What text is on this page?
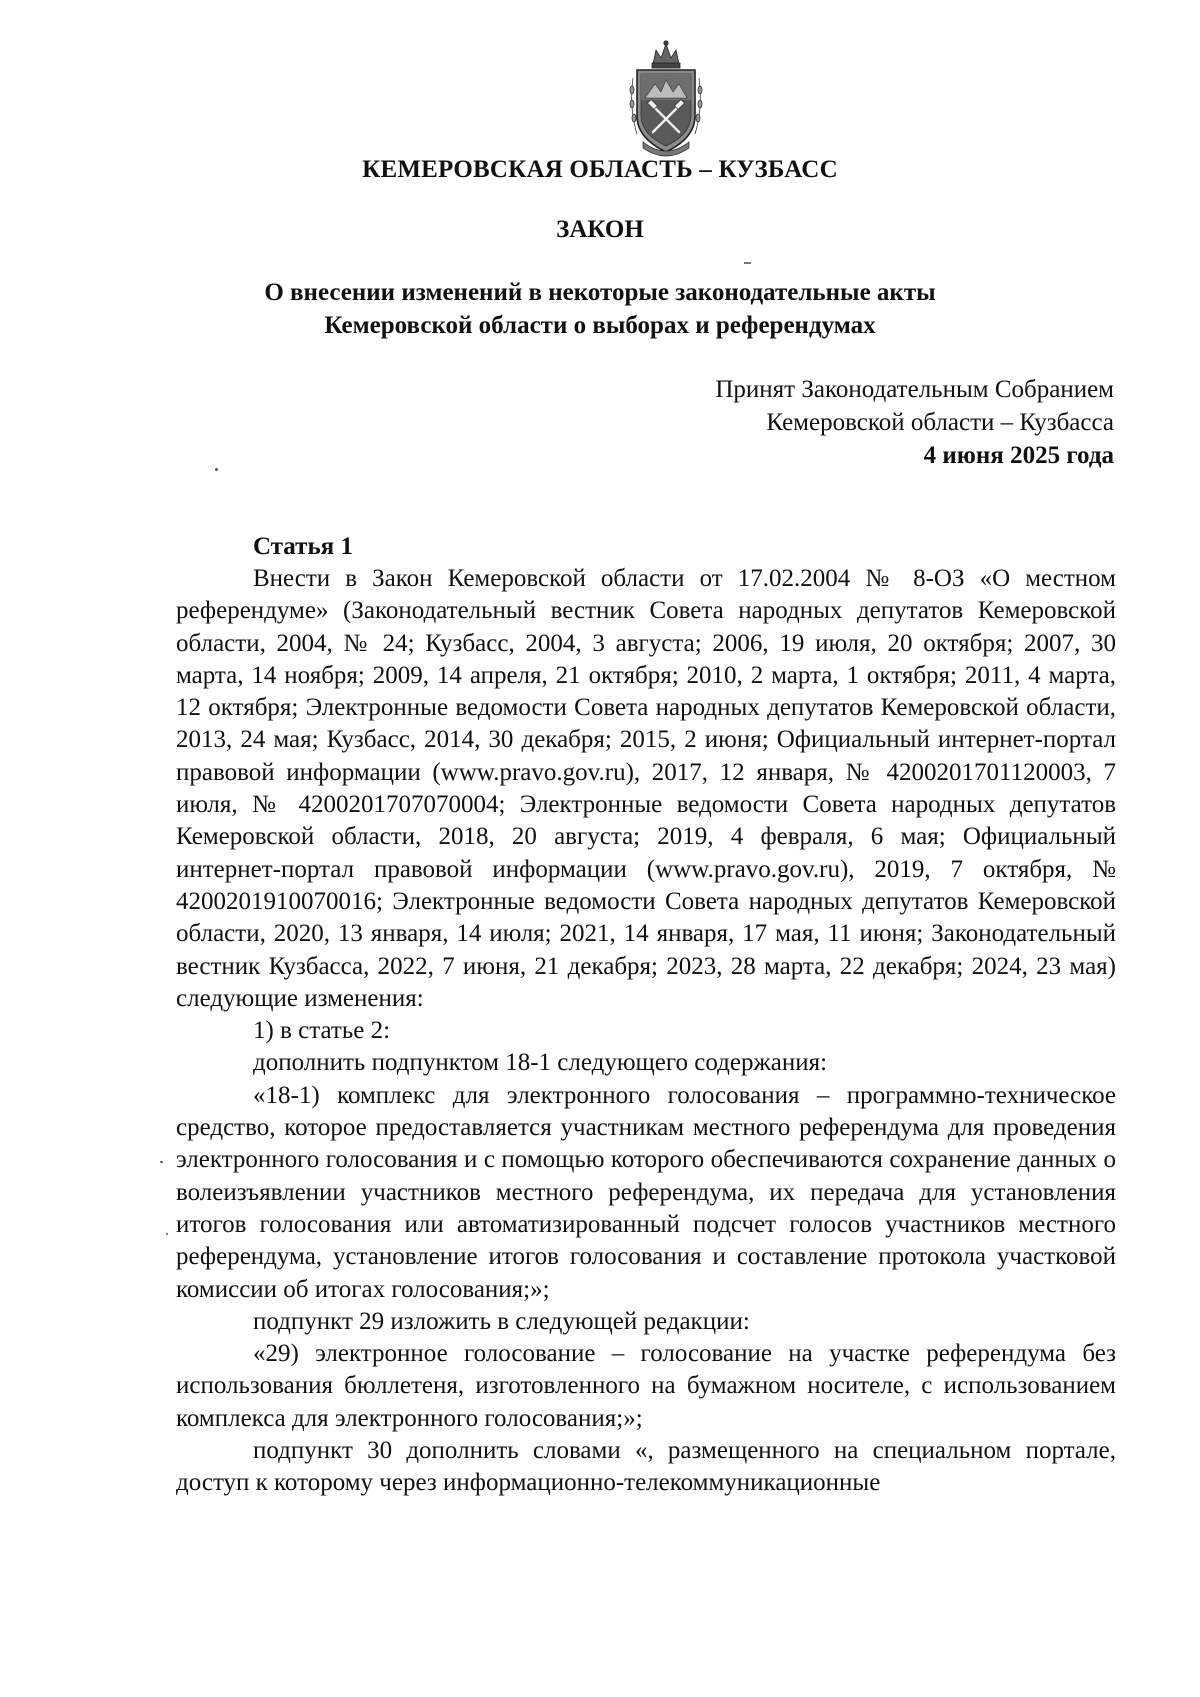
КЕМЕРОВСКАЯ ОБЛАСТЬ – КУЗБАСС
ЗАКОН
О внесении изменений в некоторые законодательные акты
Кемеровской области о выборах и референдумах
Принят Законодательным Собранием
Кемеровской области – Кузбасса
4 июня 2025 года
Статья 1

Внести в Закон Кемеровской области от 17.02.2004 № 8-ОЗ «О местном референдуме» (Законодательный вестник Совета народных депутатов Кемеровской области, 2004, № 24; Кузбасс, 2004, 3 августа; 2006, 19 июля, 20 октября; 2007, 30 марта, 14 ноября; 2009, 14 апреля, 21 октября; 2010, 2 марта, 1 октября; 2011, 4 марта, 12 октября; Электронные ведомости Совета народных депутатов Кемеровской области, 2013, 24 мая; Кузбасс, 2014, 30 декабря; 2015, 2 июня; Официальный интернет-портал правовой информации (www.pravo.gov.ru), 2017, 12 января, № 4200201701120003, 7 июля, № 4200201707070004; Электронные ведомости Совета народных депутатов Кемеровской области, 2018, 20 августа; 2019, 4 февраля, 6 мая; Официальный интернет-портал правовой информации (www.pravo.gov.ru), 2019, 7 октября, № 4200201910070016; Электронные ведомости Совета народных депутатов Кемеровской области, 2020, 13 января, 14 июля; 2021, 14 января, 17 мая, 11 июня; Законодательный вестник Кузбасса, 2022, 7 июня, 21 декабря; 2023, 28 марта, 22 декабря; 2024, 23 мая) следующие изменения:

1) в статье 2:

дополнить подпунктом 18-1 следующего содержания:

«18-1) комплекс для электронного голосования – программно-техническое средство, которое предоставляется участникам местного референдума для проведения электронного голосования и с помощью которого обеспечиваются сохранение данных о волеизъявлении участников местного референдума, их передача для установления итогов голосования или автоматизированный подсчет голосов участников местного референдума, установление итогов голосования и составление протокола участковой комиссии об итогах голосования;»;

подпункт 29 изложить в следующей редакции:

«29) электронное голосование – голосование на участке референдума без использования бюллетеня, изготовленного на бумажном носителе, с использованием комплекса для электронного голосования;»;

подпункт 30 дополнить словами «, размещенного на специальном портале, доступ к которому через информационно-телекоммуникационные
